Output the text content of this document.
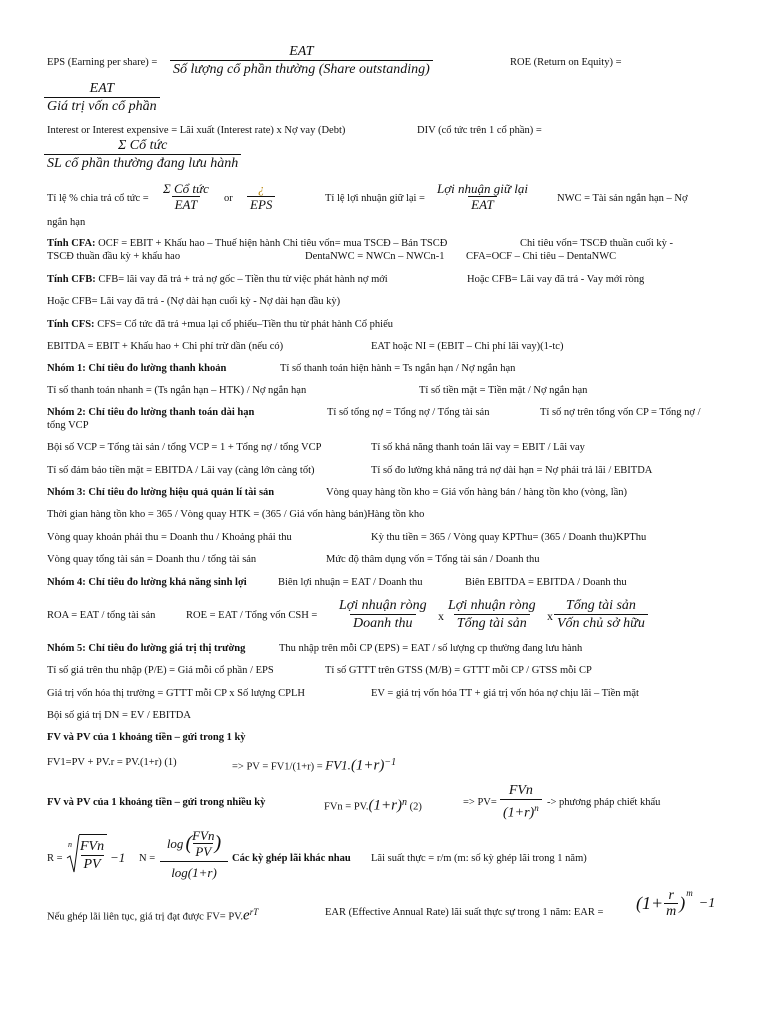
EPS (Earning per share) =
EAT
Số lượng cổ phần thường (Share outstanding)	ROE (Return on Equity) =
EAT
Giá trị vốn cổ phần
Interest or Interest expensive = Lãi xuất (Interest rate) x Nợ vay (Debt)	DIV (cổ tức trên 1 cổ phần) =
Σ Cổ tức
SL cổ phần thường đang lưu hành
Tỉ lệ % chia trả cổ tức =
Σ Cổ tức
EAT	or
¿
EPS	Tỉ lệ lợi nhuận giữ lại =
Lợi nhuận giữ lại
EAT	NWC = Tài sản ngắn hạn – Nợ
ngắn hạn
Tính CFA: OCF = EBIT + Khấu hao – Thuế hiện hành Chi tiêu vốn= mua TSCĐ – Bán TSCĐ	Chi tiêu vốn= TSCĐ thuần cuối kỳ -
TSCĐ thuần đầu kỳ + khấu hao	DentaNWC = NWCn – NWCn-1 CFA=OCF – Chi tiêu – DentaNWC
Tính CFB: CFB= lãi vay đã trả + trả nợ gốc – Tiền thu từ việc phát hành nợ mới	Hoặc CFB= Lãi vay đã trả - Vay mới ròng
Hoặc CFB= Lãi vay đã trả - (Nợ dài hạn cuối kỳ - Nợ dài hạn đầu kỳ)
Tính CFS: CFS= Cổ tức đã trả +mua lại cổ phiếu–Tiền thu từ phát hành Cổ phiếu
EBITDA = EBIT + Khấu hao + Chi phí trừ dần (nếu có)	EAT hoặc NI = (EBIT – Chi phí lãi vay)(1-tc)
Nhóm 1: Chỉ tiêu đo lường thanh khoản	Tỉ số thanh toán hiện hành = Ts ngắn hạn / Nợ ngắn hạn
Tỉ số thanh toán nhanh = (Ts ngắn hạn – HTK) / Nợ ngắn hạn	Tỉ số tiền mặt = Tiền mặt / Nợ ngắn hạn
Nhóm 2: Chỉ tiêu đo lường thanh toán dài hạn	Tỉ số tổng nợ = Tổng nợ / Tổng tài sản	Tỉ số nợ trên tổng vốn CP = Tổng nợ /
tổng VCP
Bội số VCP = Tổng tài sản / tổng VCP = 1 + Tổng nợ / tổng VCP	Tỉ số khả năng thanh toán lãi vay = EBIT / Lãi vay
Tỉ số đảm bảo tiền mặt = EBITDA / Lãi vay (càng lớn càng tốt)	Tỉ số đo lường khả năng trả nợ dài hạn = Nợ phải trả lãi / EBITDA
Nhóm 3: Chỉ tiêu đo lường hiệu quả quản lí tài sản	Vòng quay hàng tồn kho = Giá vốn hàng bán / hàng tồn kho (vòng, lần)
Thời gian hàng tồn kho = 365 / Vòng quay HTK = (365 / Giá vốn hàng bán)Hàng tồn kho
Vòng quay khoản phải thu = Doanh thu / Khoảng phải thu	Kỳ thu tiền = 365 / Vòng quay KPThu= (365 / Doanh thu)KPThu
Vòng quay tổng tài sản = Doanh thu / tổng tài sản	Mức độ thâm dụng vốn = Tổng tài sản / Doanh thu
Nhóm 4: Chỉ tiêu đo lường khả năng sinh lợi	Biên lợi nhuận = EAT / Doanh thu	Biên EBITDA = EBITDA / Doanh thu
ROA = EAT / tổng tài sản	ROE = EAT / Tổng vốn CSH =
Lợi nhuận ròng
Doanh thu x
Lợi nhuận ròng
Tổng tài sản x
Tổng tài sản
Vốn chủ sở hữu
Nhóm 5: Chỉ tiêu đo lường giá trị thị trường	Thu nhập trên mỗi CP (EPS) = EAT / số lượng cp thường đang lưu hành
Tỉ số giá trên thu nhập (P/E) = Giá mỗi cổ phần / EPS	Tỉ số GTTT trên GTSS (M/B) = GTTT mỗi CP / GTSS mỗi CP
Giá trị vốn hóa thị trường = GTTT mỗi CP x Số lượng CPLH	EV = giá trị vốn hóa TT + giá trị vốn hóa nợ chịu lãi – Tiền mặt
Bội số giá trị DN = EV / EBITDA
FV và PV của 1 khoảng tiền – gửi trong 1 kỳ
FV1=PV + PV.r = PV.(1+r) (1)	=> PV = $FV1/(1+r) = FV1.(1+r)^{-1}$
FV và PV của 1 khoảng tiền – gửi trong nhiều kỳ	FVn = $PV.(1+r)^n$ (2)	=> PV=
FVn
$(1+r)^n$ -> phương pháp chiết khấu
R =
n FVn
PV −1 N =
log ( FVn
PV )
log(1+r)
Các kỳ ghép lãi khác nhau Lãi suất thực = r/m (m: số kỳ ghép lãi trong 1 năm)
Nếu ghép lãi liên tục, giá trị đạt được $FV= PV.e^{rT}$	EAR (Effective Annual Rate) lãi suất thực sự trong 1 năm: EAR = ($1+ \frac{r}{m}$ ) m
−1
